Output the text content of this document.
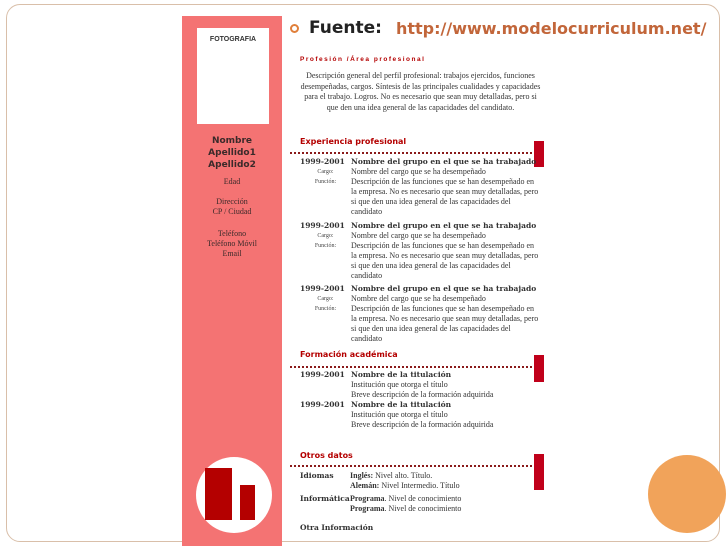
Fuente: http://www.modelocurriculum.net/
FOTOGRAFIA
Nombre
Apellido1
Apellido2
Edad
Dirección
CP / Ciudad
Teléfono
Teléfono Móvil
Email
Profesión /Área profesional
Descripción general del perfil profesional: trabajos ejercidos, funciones desempeñadas, cargos. Síntesis de las principales cualidades y capacidades para el trabajo. Logros. No es necesario que sean muy detalladas, pero si que den una idea general de las capacidades del candidato.
Experiencia profesional
1999-2001 Nombre del grupo en el que se ha trabajado
Cargo:	Nombre del cargo que se ha desempeñado
Función:	Descripción de las funciones que se han desempeñado en la empresa. No es necesario que sean muy detalladas, pero si que den una idea general de las capacidades del candidato
1999-2001 Nombre del grupo en el que se ha trabajado
Cargo:	Nombre del cargo que se ha desempeñado
Función:	Descripción de las funciones que se han desempeñado en la empresa. No es necesario que sean muy detalladas, pero si que den una idea general de las capacidades del candidato
1999-2001 Nombre del grupo en el que se ha trabajado
Cargo:	Nombre del cargo que se ha desempeñado
Función:	Descripción de las funciones que se han desempeñado en la empresa. No es necesario que sean muy detalladas, pero si que den una idea general de las capacidades del candidato
Formación académica
1999-2001 Nombre de la titulación
Institución que otorga el título
Breve descripción de la formación adquirida
1999-2001 Nombre de la titulación
Institución que otorga el título
Breve descripción de la formación adquirida
Otros datos
Idiomas	Inglés: Nivel alto. Título.
Alemán: Nivel Intermedio. Título
Informática Programa. Nivel de conocimiento
Programa. Nivel de conocimiento
Otra Información
